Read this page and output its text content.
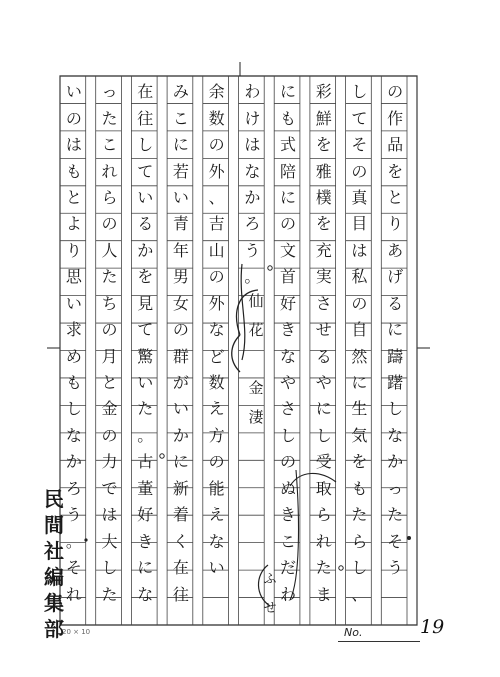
の
作
品
を
と
り
あ
げ
る
に
躊
躇
し
な
か
っ
た
そ
う
し
て
そ
の
真
目
は
私
の
自
然
に
生
気
を
も
た
ら
し
、
彩
鮮
を
雅
樸
を
充
実
さ
せ
る
や
に
し
受
取
ら
れ
た
ま
に
も
式
陪
に
の
文
首
好
き
な
や
さ
し
の
ぬ
き
こ
だ
わ
わ
け
は
な
か
ろ
う
。
余
数
の
外
、
吉
山
の
外
な
ど
数
え
方
の
能
え
な
い
み
こ
に
若
い
青
年
男
女
の
群
が
い
か
に
新
着
く
在
往
在
往
し
て
い
る
か
を
見
て
驚
い
た
。
古
董
好
き
に
な
っ
た
こ
れ
ら
の
人
た
ち
の
月
と
金
の
力
で
は
大
し
た
い
の
は
も
と
よ
り
思
い
求
め
も
し
な
か
ろ
う
。
そ
れ
仙
花
金
淒
ふ
せ
民
間
社
編
集
部
20 × 10	No.	19
